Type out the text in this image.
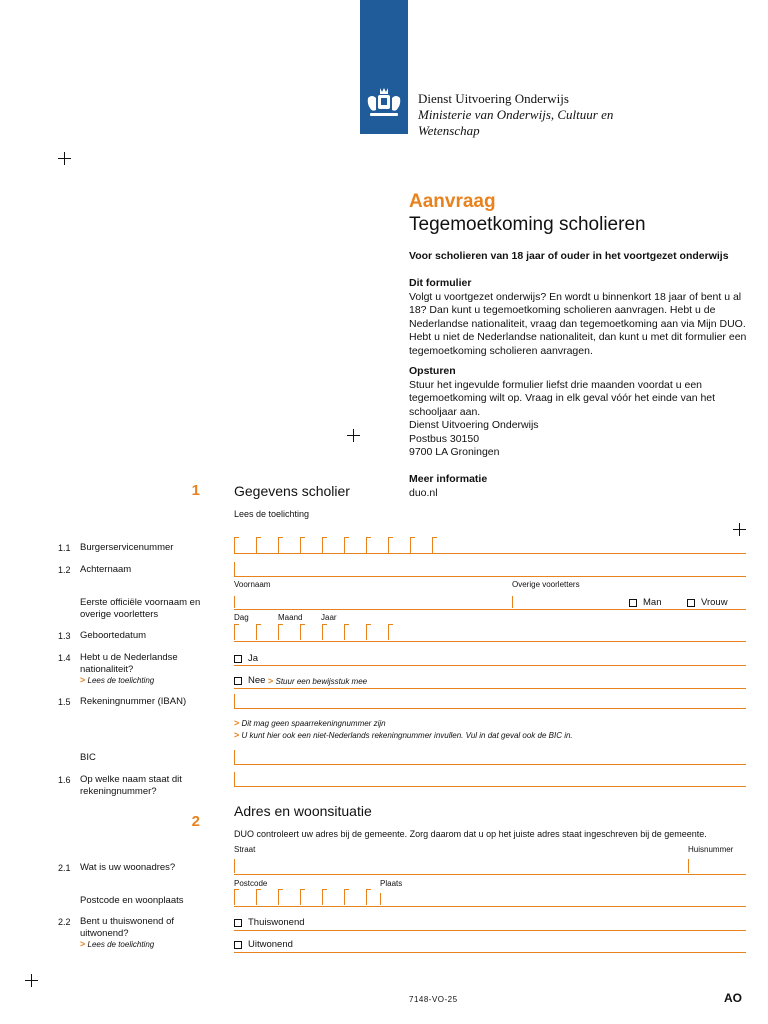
Dienst Uitvoering Onderwijs
Ministerie van Onderwijs, Cultuur en
Wetenschap
Aanvraag
Tegemoetkoming scholieren
Voor scholieren van 18 jaar of ouder in het voortgezet onderwijs
Dit formulier
Volgt u voortgezet onderwijs? En wordt u binnenkort 18 jaar of bent u al 18? Dan kunt u tegemoetkoming scholieren aanvragen. Hebt u de Nederlandse nationaliteit, vraag dan tegemoetkoming aan via Mijn DUO. Hebt u niet de Nederlandse nationaliteit, dan kunt u met dit formulier een tegemoetkoming scholieren aanvragen.
Opsturen
Stuur het ingevulde formulier liefst drie maanden voordat u een tegemoetkoming wilt op. Vraag in elk geval vóór het einde van het schooljaar aan.
Dienst Uitvoering Onderwijs
Postbus 30150
9700 LA Groningen
Meer informatie
duo.nl
1 Gegevens scholier
Lees de toelichting
1.1 Burgerservicenummer
1.2 Achternaam
Voornaam	Overige voorletters
Eerste officiële voornaam en overige voorletters
Man	Vrouw
Dag	Maand Jaar
1.3 Geboortedatum
1.4 Hebt u de Nederlandse nationaliteit?
> Lees de toelichting
Ja
Nee > Stuur een bewijsstuk mee
1.5 Rekeningnummer (IBAN)
> Dit mag geen spaarrekeningnummer zijn
> U kunt hier ook een niet-Nederlands rekeningnummer invullen. Vul in dat geval ook de BIC in.
BIC
1.6 Op welke naam staat dit rekeningnummer?
Adres en woonsituatie
2
DUO controleert uw adres bij de gemeente. Zorg daarom dat u op het juiste adres staat ingeschreven bij de gemeente.
Straat	Huisnummer
2.1 Wat is uw woonadres?
Postcode	Plaats
Postcode en woonplaats
2.2 Bent u thuiswonend of uitwonend?
> Lees de toelichting
Thuiswonend
Uitwonend
7148-VO-25	AO
